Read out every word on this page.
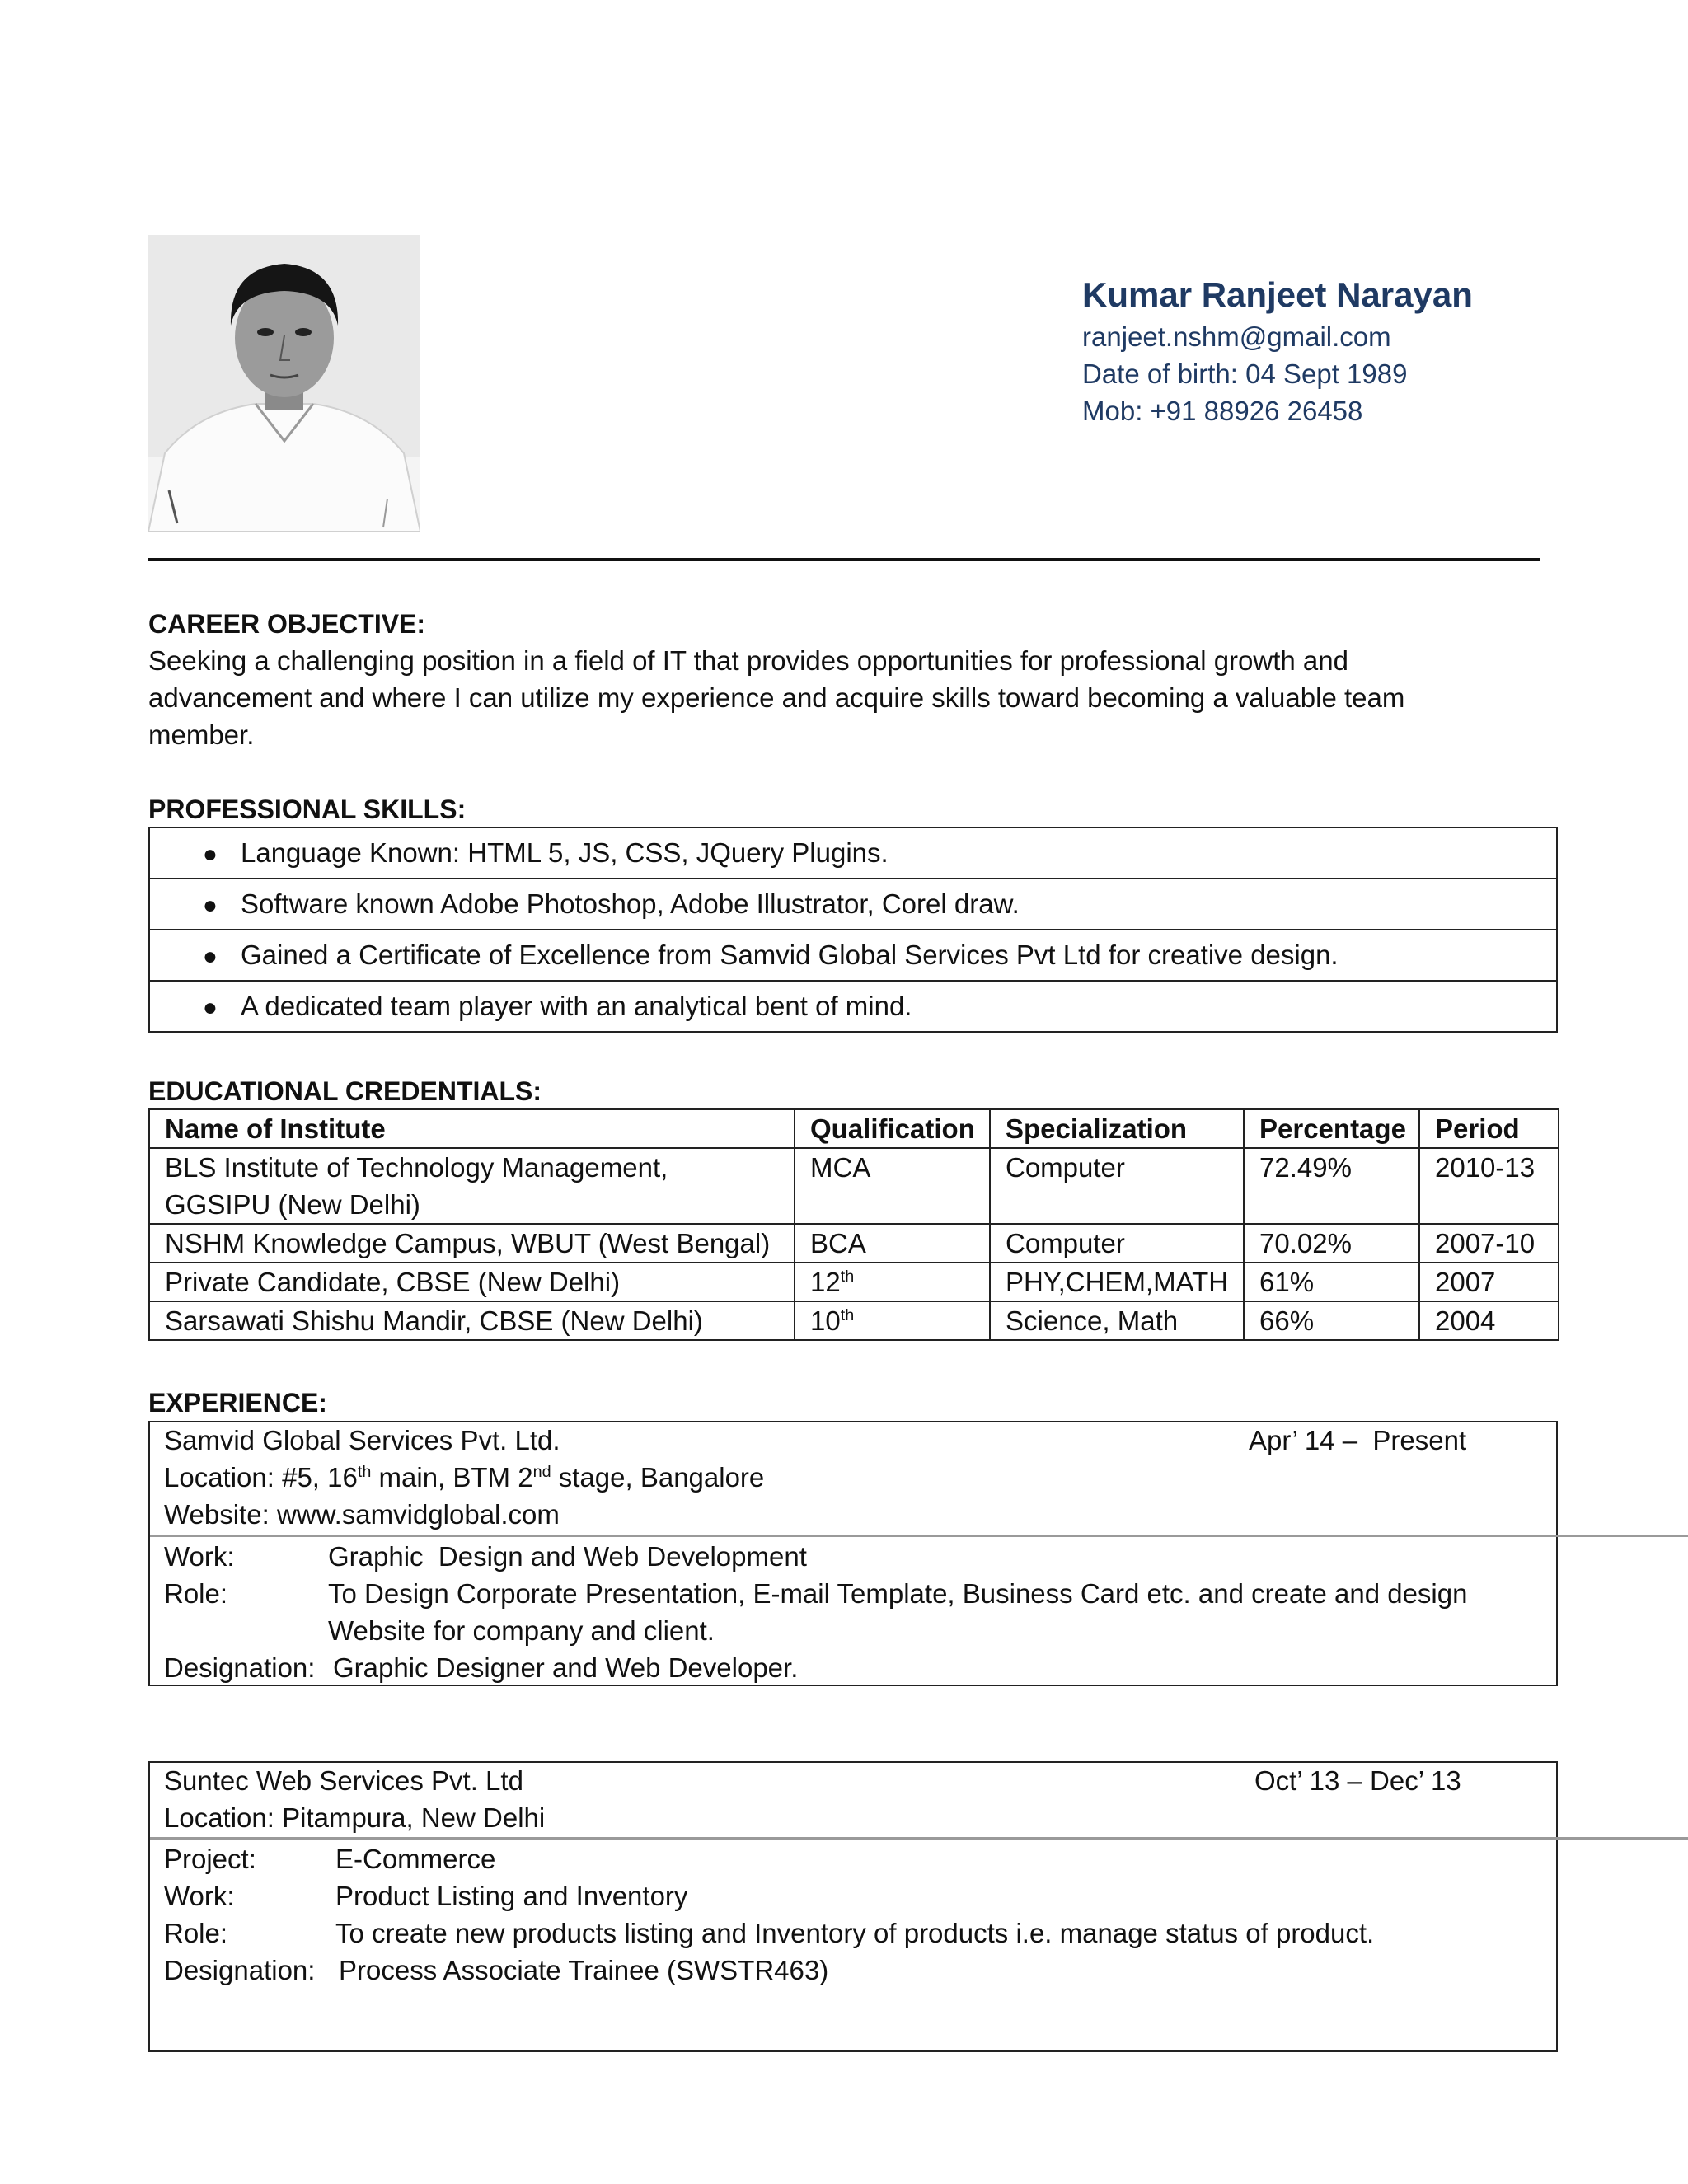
Kumar Ranjeet Narayan
ranjeet.nshm@gmail.com
Date of birth: 04 Sept 1989
Mob: +91 88926 26458
CAREER OBJECTIVE:
Seeking a challenging position in a field of IT that provides opportunities for professional growth and
advancement and where I can utilize my experience and acquire skills toward becoming a valuable team
member.
PROFESSIONAL SKILLS:
● Language Known: HTML 5, JS, CSS, JQuery Plugins.
● Software known Adobe Photoshop, Adobe Illustrator, Corel draw.
● Gained a Certificate of Excellence from Samvid Global Services Pvt Ltd for creative design.
● A dedicated team player with an analytical bent of mind.
EDUCATIONAL CREDENTIALS:
Name of Institute	Qualification	Specialization	Percentage	Period

BLS Institute of Technology Management,
GGSIPU (New Delhi)	MCA	Computer	72.49%	2010-13

NSHM Knowledge Campus, WBUT (West Bengal)	BCA	Computer	70.02%	2007-10

Private Candidate, CBSE (New Delhi)	12th	PHY,CHEM,MATH	61%	2007

Sarsawati Shishu Mandir, CBSE (New Delhi)	10th	Science, Math	66%	2004
EXPERIENCE:
Samvid Global Services Pvt. Ltd.	Apr’ 14 –  Present
Location: #5, 16th main, BTM 2nd stage, Bangalore
Website: www.samvidglobal.com
Work:	Graphic  Design and Web Development
Role:	To Design Corporate Presentation, E-mail Template, Business Card etc. and create and design
Website for company and client.
Designation: Graphic Designer and Web Developer.
Suntec Web Services Pvt. Ltd	Oct’ 13 – Dec’ 13
Location: Pitampura, New Delhi
Project:	E-Commerce
Work:	Product Listing and Inventory
Role:	To create new products listing and Inventory of products i.e. manage status of product.
Designation: Process Associate Trainee (SWSTR463)
